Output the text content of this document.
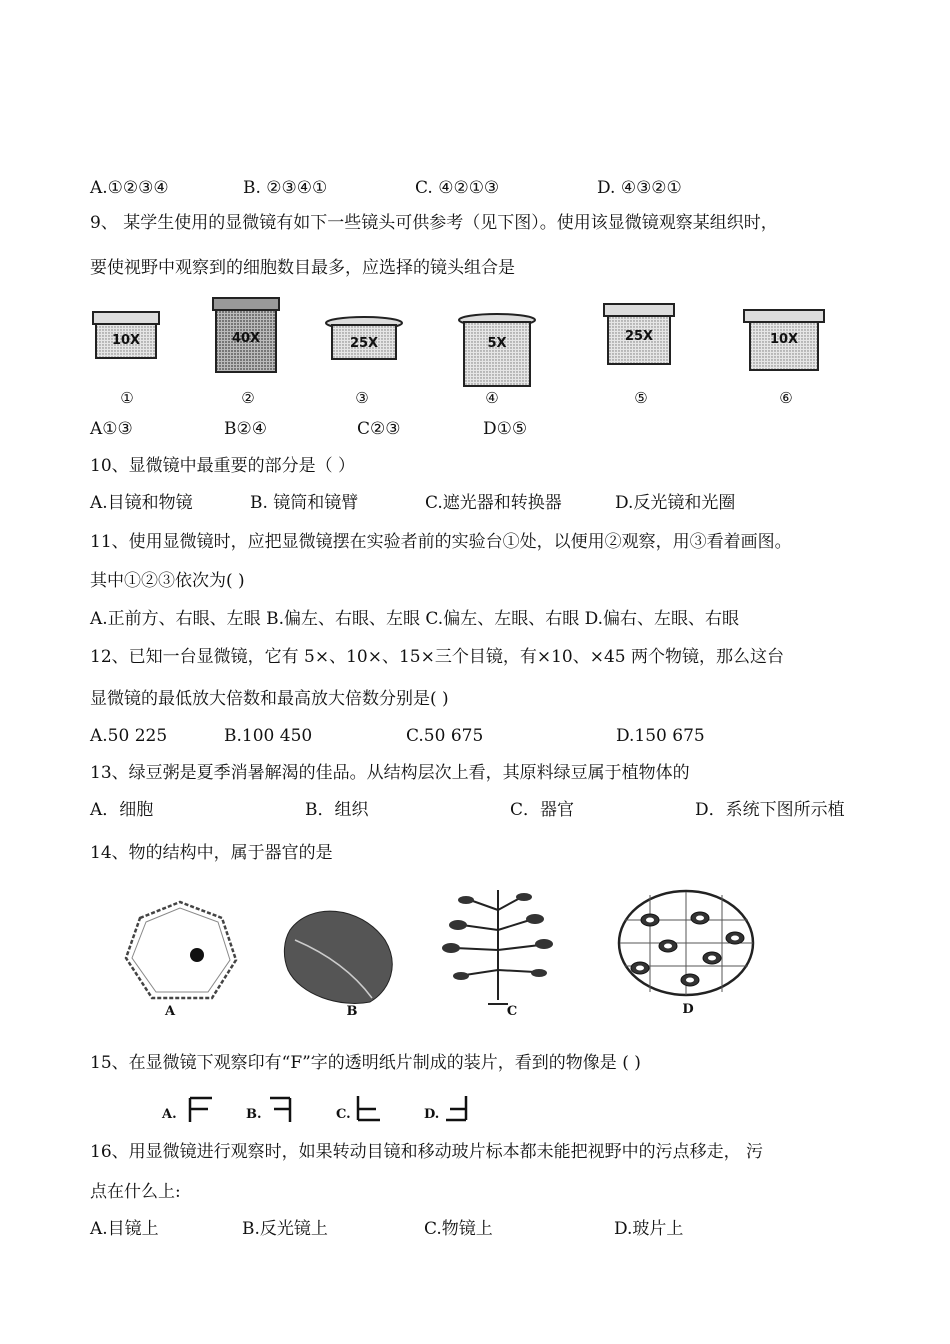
A.①②③④	B. ②③④①	C. ④②①③	D. ④③②①
9、 某学生使用的显微镜有如下一些镜头可供参考（见下图）。使用该显微镜观察某组织时，
要使视野中观察到的细胞数目最多，应选择的镜头组合是
10X
①
40X
②
25X
③
5X
④
25X
⑤
10X
⑥
A①③	B②④	C②③	D①⑤
10、显微镜中最重要的部分是（ ）
A.目镜和物镜	B. 镜筒和镜臂	C.遮光器和转换器	D.反光镜和光圈
11、使用显微镜时，应把显微镜摆在实验者前的实验台①处，以便用②观察，用③看着画图。
其中①②③依次为( )
A.正前方、右眼、左眼 B.偏左、右眼、左眼 C.偏左、左眼、右眼 D.偏右、左眼、右眼
12、已知一台显微镜，它有 5×、10×、15×三个目镜，有×10、×45 两个物镜，那么这台
显微镜的最低放大倍数和最高放大倍数分别是( )
A.50 225	B.100 450	C.50 675	D.150 675
13、绿豆粥是夏季消暑解渴的佳品。从结构层次上看，其原料绿豆属于植物体的
A．细胞	B．组织	C．器官	D．系统下图所示植
14、物的结构中，属于器官的是
A	B	C	D
15、在显微镜下观察印有“F”字的透明纸片制成的装片，看到的物像是 ( )
A.	B.	C.	D.
16、用显微镜进行观察时，如果转动目镜和移动玻片标本都未能把视野中的污点移走， 污
点在什么上:
A.目镜上	B.反光镜上	C.物镜上	D.玻片上
